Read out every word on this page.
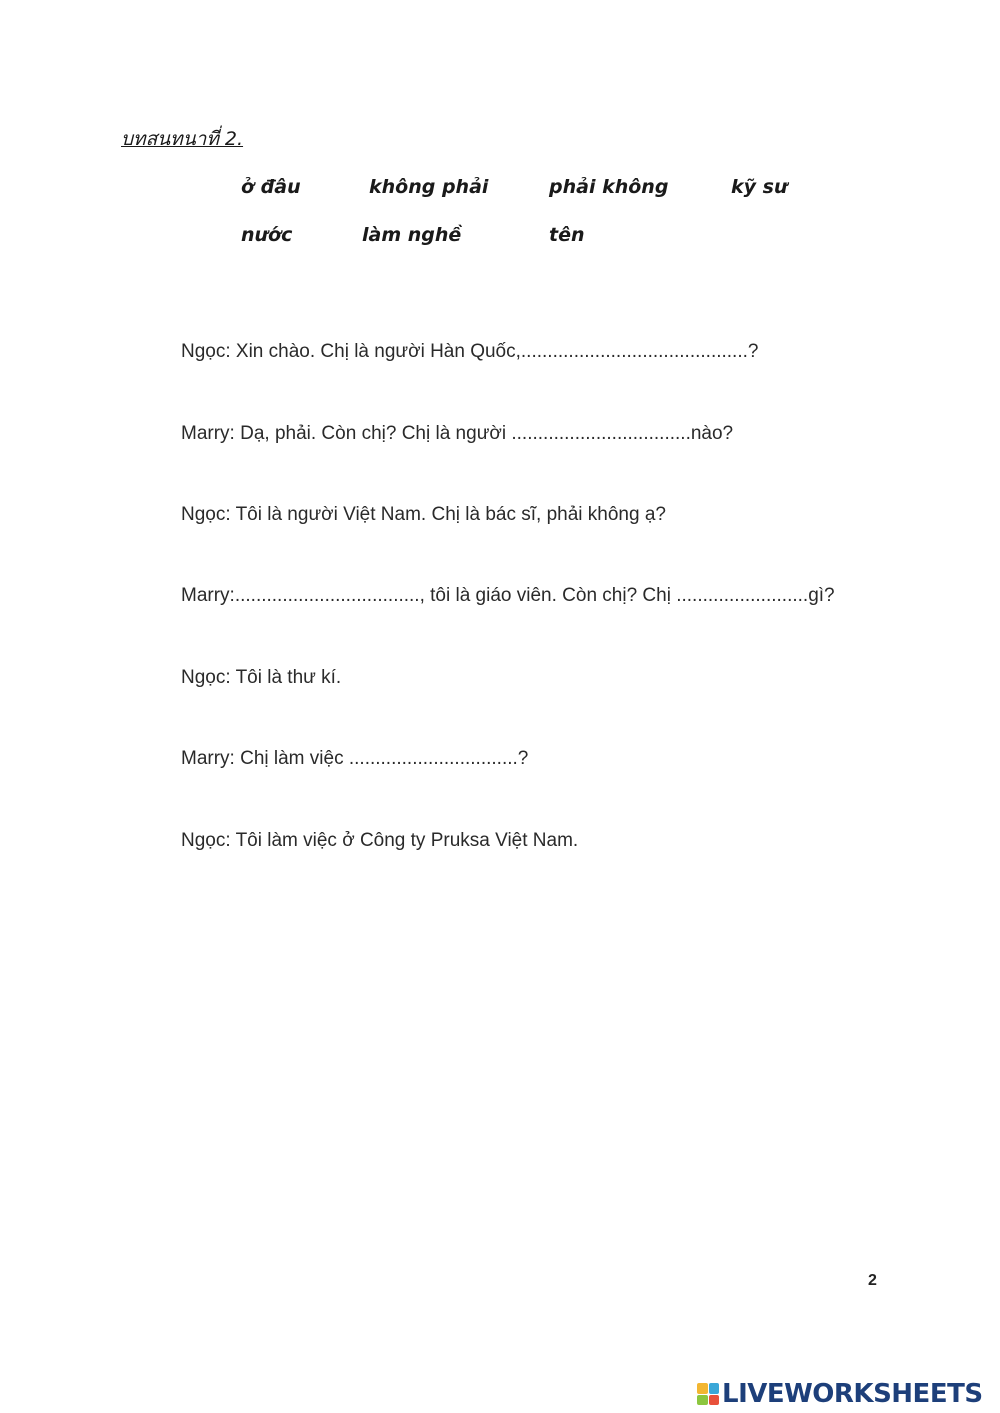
บทสนทนาที่ 2.
ở đâu	không phải	phải không	kỹ sư
nước	làm nghề	tên
Ngọc: Xin chào. Chị là người Hàn Quốc,...........................................?
Marry: Dạ, phải. Còn chị? Chị là người ..................................nào?
Ngọc: Tôi là người Việt Nam. Chị là bác sĩ, phải không ạ?
Marry:..................................., tôi là giáo viên. Còn chị? Chị .........................gì?
Ngọc: Tôi là thư kí.
Marry: Chị làm việc ................................?
Ngọc: Tôi làm việc ở Công ty Pruksa Việt Nam.
2
LIVEWORKSHEETS
